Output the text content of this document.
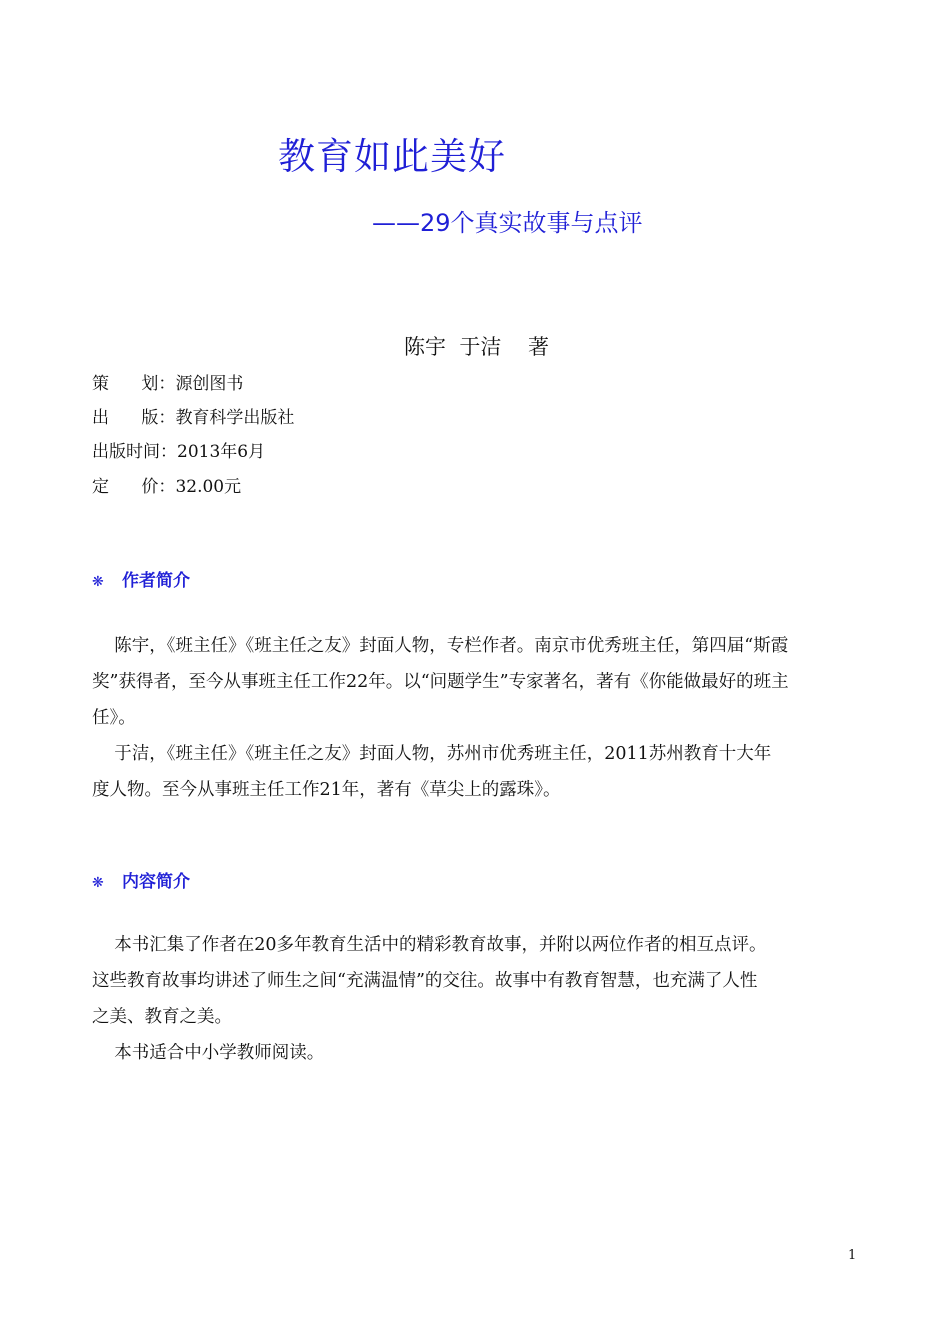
教育如此美好
——29个真实故事与点评
陈宇  于洁    著
策      划：源创图书
出      版：教育科学出版社
出版时间：2013年6月
定      价：32.00元
❋ 作者简介
陈宇，《班主任》《班主任之友》封面人物，专栏作者。南京市优秀班主任，第四届“斯霞
奖”获得者，至今从事班主任工作22年。以“问题学生”专家著名，著有《你能做最好的班主
任》。
于洁，《班主任》《班主任之友》封面人物，苏州市优秀班主任，2011苏州教育十大年
度人物。至今从事班主任工作21年，著有《草尖上的露珠》。
❋ 内容简介
本书汇集了作者在20多年教育生活中的精彩教育故事，并附以两位作者的相互点评。
这些教育故事均讲述了师生之间“充满温情”的交往。故事中有教育智慧，也充满了人性
之美、教育之美。
本书适合中小学教师阅读。
1
